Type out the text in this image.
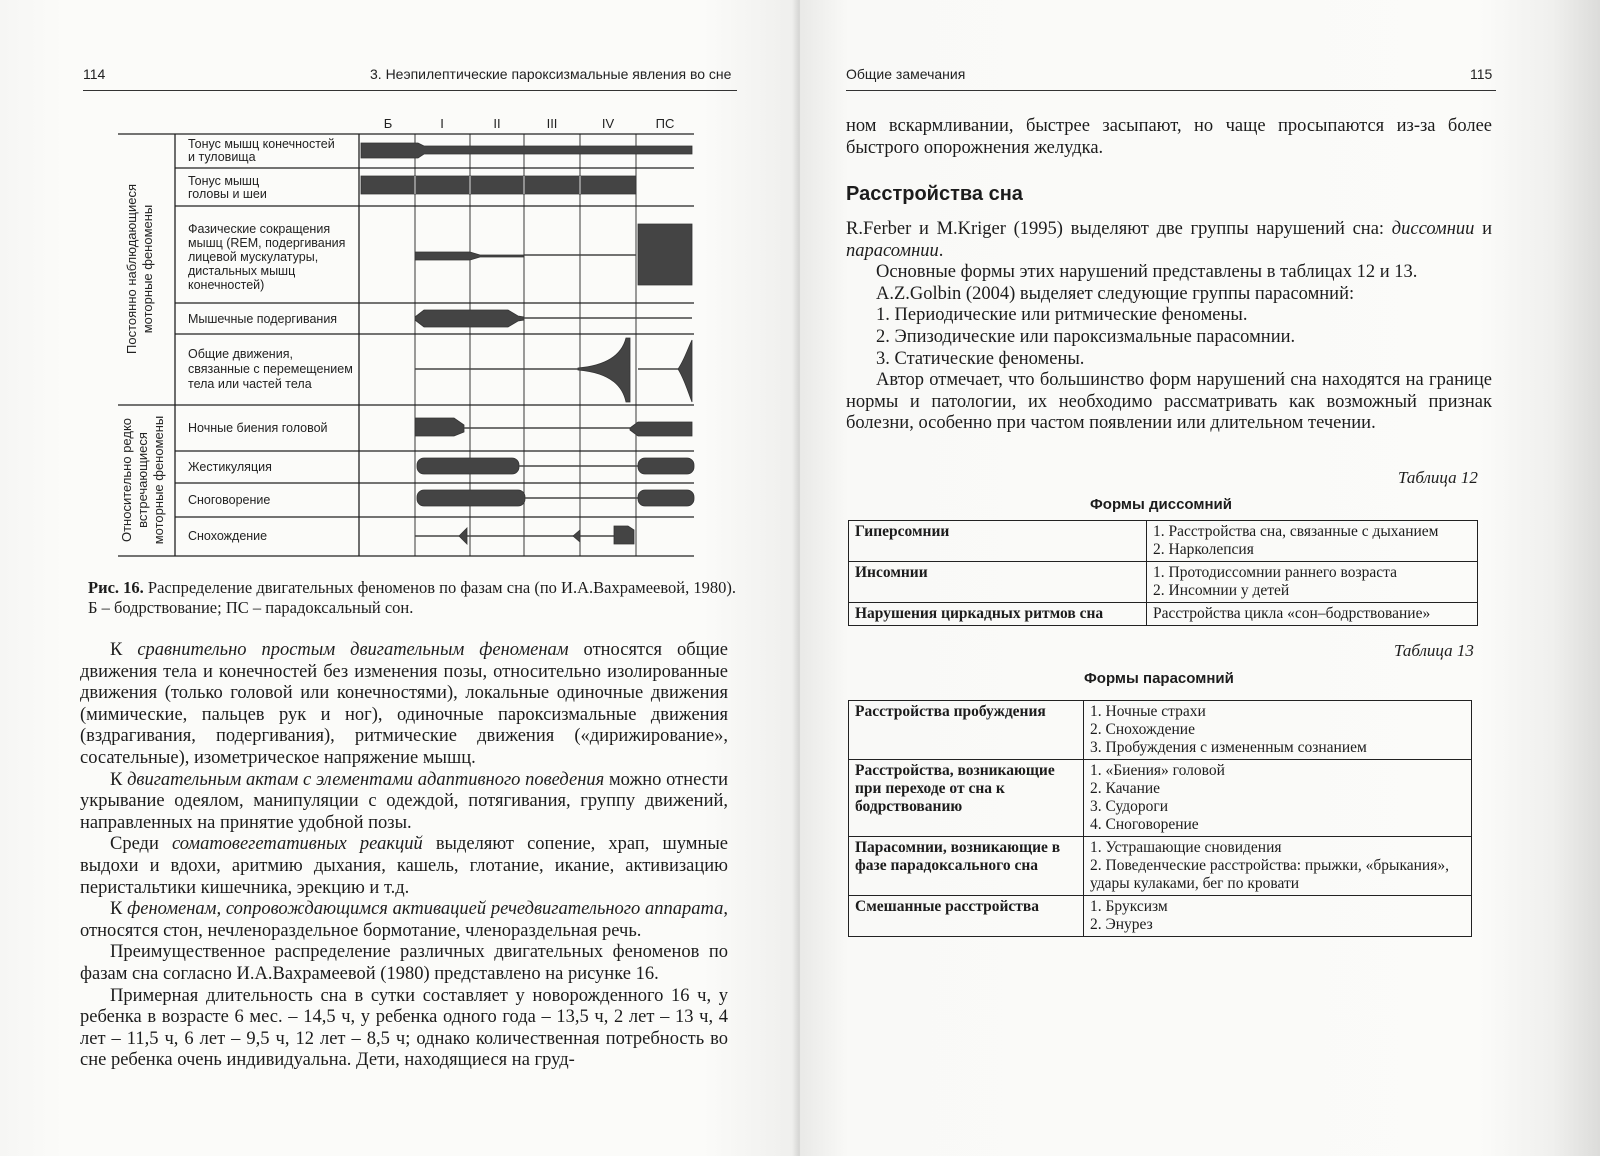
114	3. Неэпилептические пароксизмальные явления во сне
Б	I	II	III	IV	ПС
Постоянно наблюдающиеся моторные феномены
Относительно редко встречающиеся моторные феномены
Тонус мышц конечностей
и туловища
Тонус мышц
головы и шеи
Фазические сокращения
мышц (REM, подергивания
лицевой мускулатуры,
дистальных мышц
конечностей)
Мышечные подергивания
Общие движения,
связанные с перемещением
тела или частей тела
Ночные биения головой
Жестикуляция
Сноговорение
Снохождение
Рис. 16. Распределение двигательных феноменов по фазам сна (по И.А.Вахрамеевой, 1980). Б – бодрствование; ПС – парадоксальный сон.

К сравнительно простым двигательным феноменам относятся общие движения тела и конечностей без изменения позы, относительно изолированные движения (только головой или конечностями), локальные одиночные движения (мимические, пальцев рук и ног), одиночные пароксизмальные движения (вздрагивания, подергивания), ритмические движения («дирижирование», сосательные), изометрическое напряжение мышц.

К двигательным актам с элементами адаптивного поведения можно отнести укрывание одеялом, манипуляции с одеждой, потягивания, группу движений, направленных на принятие удобной позы.

Среди соматовегетативных реакций выделяют сопение, храп, шумные выдохи и вдохи, аритмию дыхания, кашель, глотание, икание, активизацию перистальтики кишечника, эрекцию и т.д.

К феноменам, сопровождающимся активацией речедвигательного аппарата, относятся стон, нечленораздельное бормотание, членораздельная речь.

Преимущественное распределение различных двигательных феноменов по фазам сна согласно И.А.Вахрамеевой (1980) представлено на рисунке 16.

Примерная длительность сна в сутки составляет у новорожденного 16 ч, у ребенка в возрасте 6 мес. – 14,5 ч, у ребенка одного года – 13,5 ч, 2 лет – 13 ч, 4 лет – 11,5 ч, 6 лет – 9,5 ч, 12 лет – 8,5 ч; однако количественная потребность во сне ребенка очень индивидуальна. Дети, находящиеся на груд-

Общие замечания	115

ном вскармливании, быстрее засыпают, но чаще просыпаются из-за более быстрого опорожнения желудка.

Расстройства сна

R.Ferber и M.Kriger (1995) выделяют две группы нарушений сна: диссомнии и парасомнии.

Основные формы этих нарушений представлены в таблицах 12 и 13.

A.Z.Golbin (2004) выделяет следующие группы парасомний:

1. Периодические или ритмические феномены.

2. Эпизодические или пароксизмальные парасомнии.

3. Статические феномены.

Автор отмечает, что большинство форм нарушений сна находятся на границе нормы и патологии, их необходимо рассматривать как возможный признак болезни, особенно при частом появлении или длительном течении.

Таблица 12
Формы диссомний
Гиперсомнии	1. Расстройства сна, связанные с дыханием
2. Нарколепсия

Инсомнии	1. Протодиссомнии раннего возраста
2. Инсомнии у детей

Нарушения циркадных ритмов сна	Расстройства цикла «сон–бодрствование»
Таблица 13
Формы парасомний
Расстройства пробуждения	1. Ночные страхи
2. Снохождение
3. Пробуждения с измененным сознанием

Расстройства, возникающие при переходе от сна к бодрствованию	1. «Биения» головой
2. Качание
3. Судороги
4. Сноговорение

Парасомнии, возникающие в фазе парадоксального сна	1. Устрашающие сновидения
2. Поведенческие расстройства: прыжки, «брыкания», удары кулаками, бег по кровати

Смешанные расстройства	1. Бруксизм
2. Энурез
